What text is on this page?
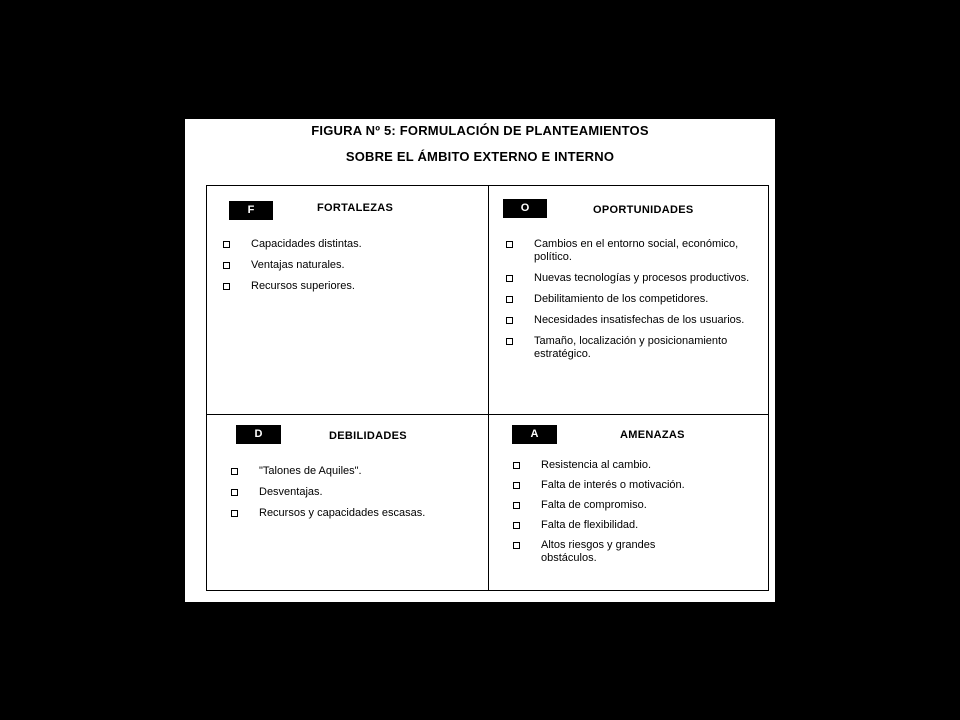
FIGURA Nº 5: FORMULACIÓN DE PLANTEAMIENTOS
SOBRE EL ÁMBITO EXTERNO E INTERNO
F	FORTALEZAS
Capacidades distintas.
Ventajas naturales.
Recursos superiores.
O	OPORTUNIDADES
Cambios en el entorno social, económico, político.
Nuevas tecnologías y procesos productivos.
Debilitamiento de los competidores.
Necesidades insatisfechas de los usuarios.
Tamaño, localización y posicionamiento estratégico.
D	DEBILIDADES
"Talones de Aquiles".
Desventajas.
Recursos y capacidades escasas.
A	AMENAZAS
Resistencia al cambio.
Falta de interés o motivación.
Falta de compromiso.
Falta de flexibilidad.
Altos riesgos y grandes obstáculos.
